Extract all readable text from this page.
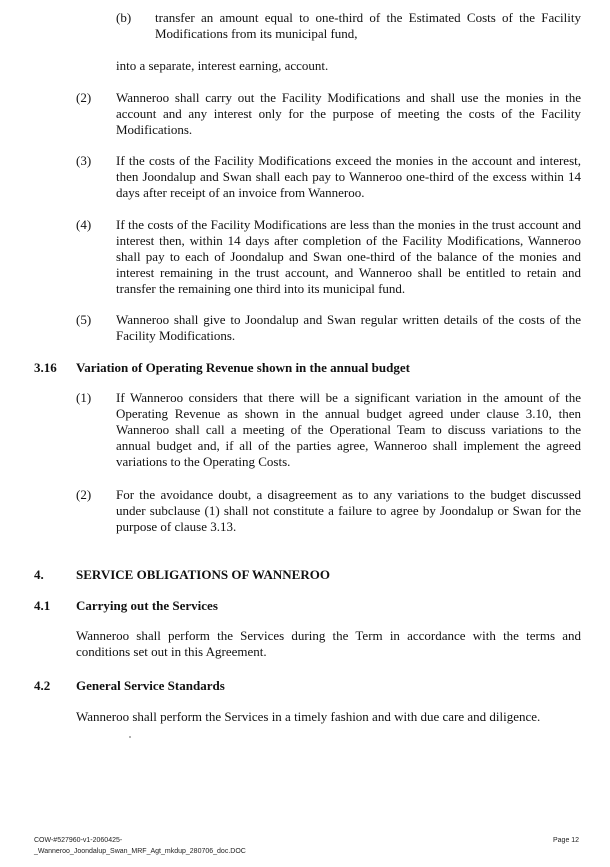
(b) transfer an amount equal to one-third of the Estimated Costs of the Facility Modifications from its municipal fund,
into a separate, interest earning, account.
(2) Wanneroo shall carry out the Facility Modifications and shall use the monies in the account and any interest only for the purpose of meeting the costs of the Facility Modifications.
(3) If the costs of the Facility Modifications exceed the monies in the account and interest, then Joondalup and Swan shall each pay to Wanneroo one-third of the excess within 14 days after receipt of an invoice from Wanneroo.
(4) If the costs of the Facility Modifications are less than the monies in the trust account and interest then, within 14 days after completion of the Facility Modifications, Wanneroo shall pay to each of Joondalup and Swan one-third of the balance of the monies and interest remaining in the trust account, and Wanneroo shall be entitled to retain and transfer the remaining one third into its municipal fund.
(5) Wanneroo shall give to Joondalup and Swan regular written details of the costs of the Facility Modifications.
3.16 Variation of Operating Revenue shown in the annual budget
(1) If Wanneroo considers that there will be a significant variation in the amount of the Operating Revenue as shown in the annual budget agreed under clause 3.10, then Wanneroo shall call a meeting of the Operational Team to discuss variations to the annual budget and, if all of the parties agree, Wanneroo shall implement the agreed variations to the Operating Costs.
(2) For the avoidance doubt, a disagreement as to any variations to the budget discussed under subclause (1) shall not constitute a failure to agree by Joondalup or Swan for the purpose of clause 3.13.
4. SERVICE OBLIGATIONS OF WANNEROO
4.1 Carrying out the Services
Wanneroo shall perform the Services during the Term in accordance with the terms and conditions set out in this Agreement.
4.2 General Service Standards
Wanneroo shall perform the Services in a timely fashion and with due care and diligence.
COW-#527960-v1-2060425-
_Wanneroo_Joondalup_Swan_MRF_Agt_mkdup_280706_doc.DOC
Page 12
